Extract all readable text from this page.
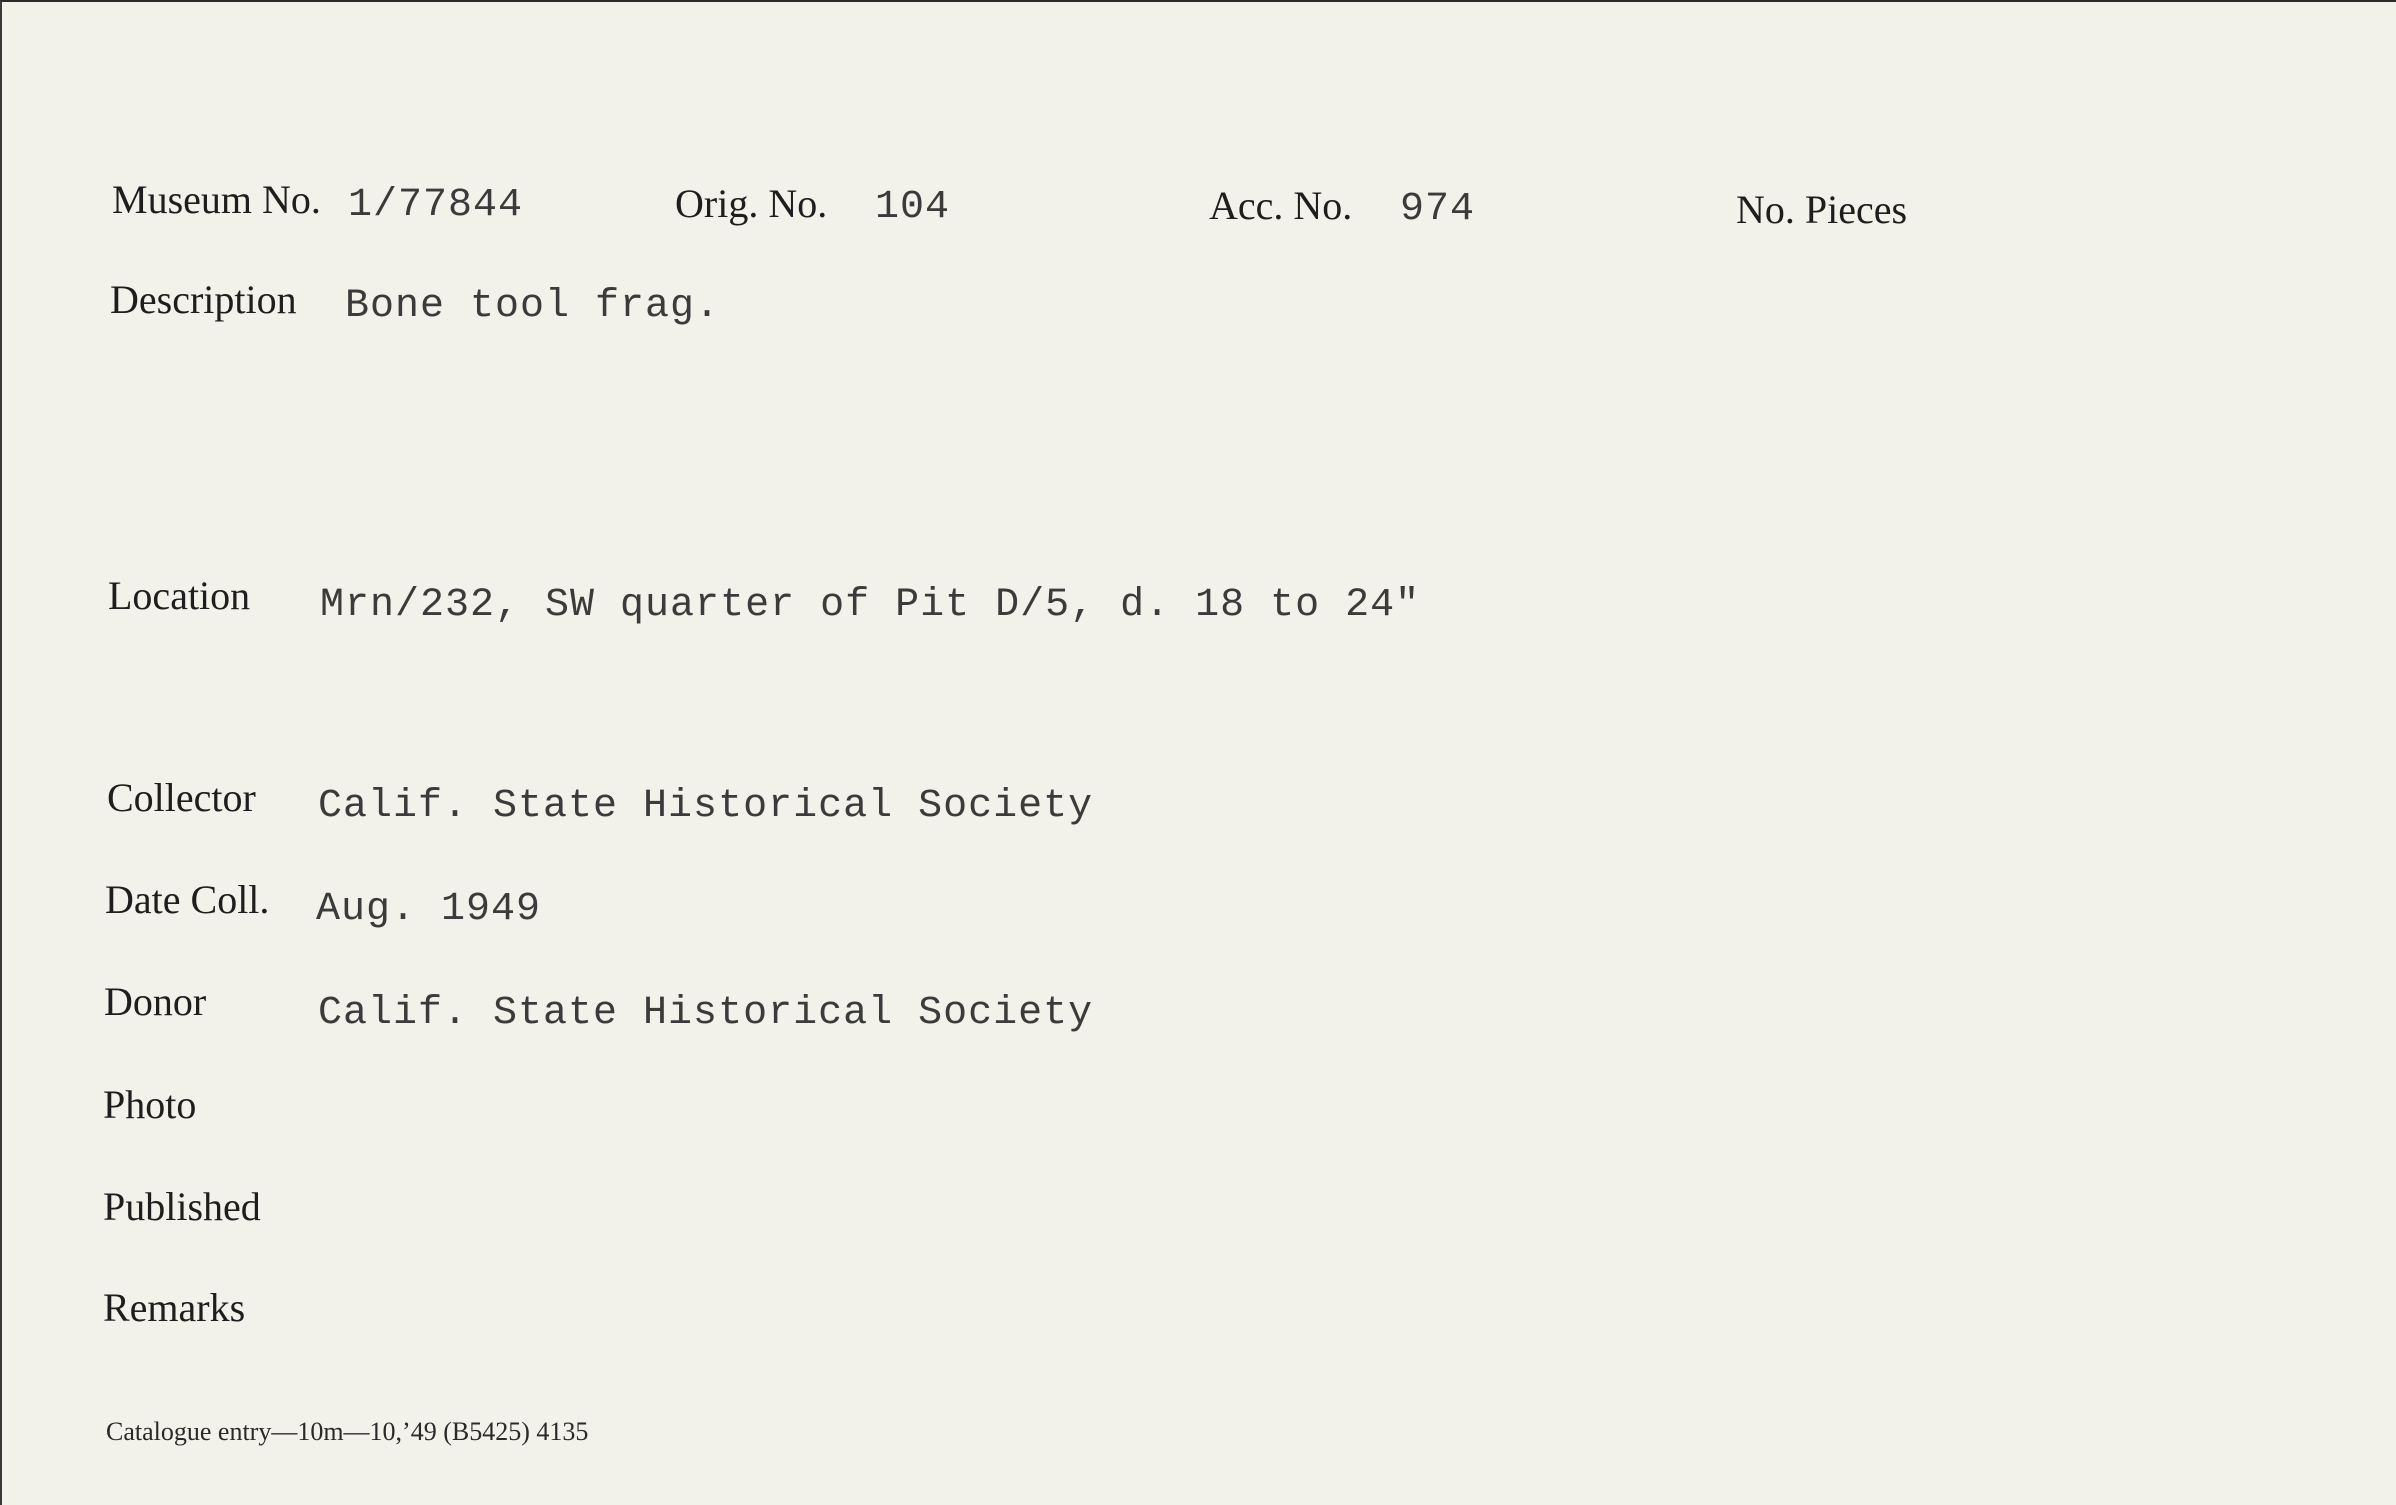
Museum No. 1/77844	Orig. No. 104	Acc. No. 974	No. Pieces
Description Bone tool frag.
Location Mrn/232, SW quarter of Pit D/5, d. 18 to 24"
Collector Calif. State Historical Society
Date Coll. Aug. 1949
Donor	Calif. State Historical Society
Photo
Published
Remarks
Catalogue entry—10m—10,’49 (B5425) 4135
